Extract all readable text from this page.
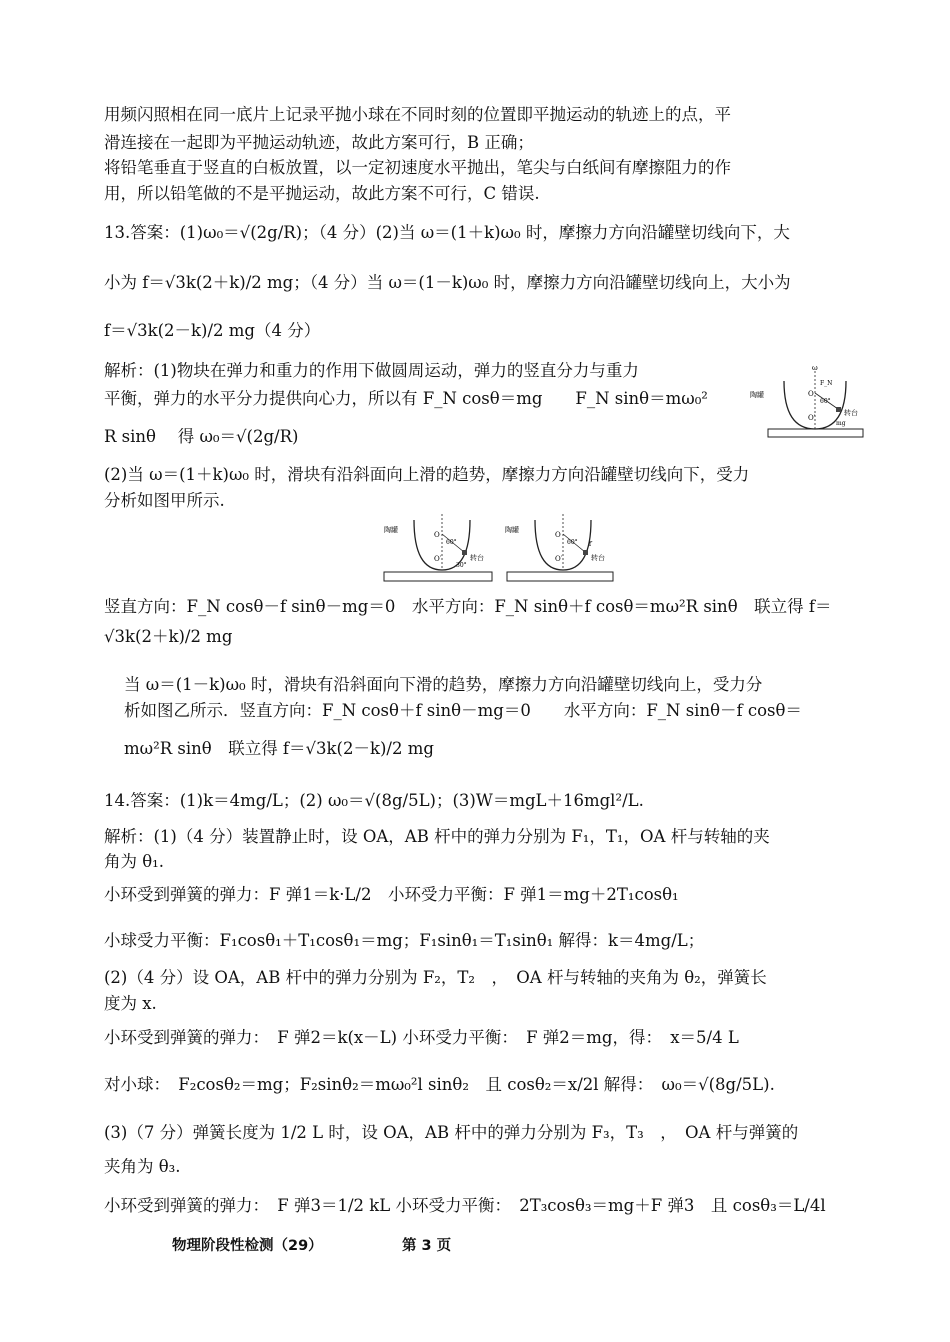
用频闪照相在同一底片上记录平抛小球在不同时刻的位置即平抛运动的轨迹上的点，平
滑连接在一起即为平抛运动轨迹，故此方案可行，B 正确；
将铅笔垂直于竖直的白板放置，以一定初速度水平抛出，笔尖与白纸间有摩擦阻力的作
用，所以铅笔做的不是平抛运动，故此方案不可行，C 错误.
13.答案：(1)ω₀＝√(2g/R)；（4 分）(2)当 ω＝(1＋k)ω₀ 时，摩擦力方向沿罐壁切线向下，大
小为 f＝√3k(2＋k)/2 mg；（4 分）当 ω＝(1－k)ω₀ 时，摩擦力方向沿罐壁切线向上，大小为
f＝√3k(2－k)/2 mg（4 分）
解析：(1)物块在弹力和重力的作用下做圆周运动，弹力的竖直分力与重力
平衡，弹力的水平分力提供向心力，所以有 F_N cosθ＝mg　　F_N sinθ＝mω₀²
R sinθ　 得 ω₀＝√(2g/R)
O
O′
60°
F_N
mg
陶罐
转台
ω
(2)当 ω＝(1＋k)ω₀ 时，滑块有沿斜面向上滑的趋势，摩擦力方向沿罐壁切线向下，受力
分析如图甲所示.
O
O′
60°
30°
陶罐
转台
O
O′
60° f′
陶罐
转台
竖直方向：F_N cosθ－f sinθ－mg＝0　水平方向：F_N sinθ＋f cosθ＝mω²R sinθ　联立得 f＝
√3k(2＋k)/2 mg
当 ω＝(1－k)ω₀ 时，滑块有沿斜面向下滑的趋势，摩擦力方向沿罐壁切线向上，受力分
析如图乙所示．竖直方向：F_N cosθ＋f sinθ－mg＝0　　水平方向：F_N sinθ－f cosθ＝
mω²R sinθ　联立得 f＝√3k(2－k)/2 mg
14.答案：(1)k＝4mg/L；(2) ω₀＝√(8g/5L)；(3)W＝mgL＋16mgl²/L.
解析：(1)（4 分）装置静止时，设 OA，AB 杆中的弹力分别为 F₁，T₁，OA 杆与转轴的夹
角为 θ₁.
小环受到弹簧的弹力：F 弹1＝k·L/2　小环受力平衡：F 弹1＝mg＋2T₁cosθ₁
小球受力平衡：F₁cosθ₁＋T₁cosθ₁＝mg；F₁sinθ₁＝T₁sinθ₁ 解得：k＝4mg/L；
(2)（4 分）设 OA，AB 杆中的弹力分别为 F₂，T₂　，　OA 杆与转轴的夹角为 θ₂，弹簧长
度为 x.
小环受到弹簧的弹力：　F 弹2＝k(x－L) 小环受力平衡：　F 弹2＝mg，得：　x＝5/4 L
对小球：　F₂cosθ₂＝mg；F₂sinθ₂＝mω₀²l sinθ₂　且 cosθ₂＝x/2l 解得：　ω₀＝√(8g/5L).
(3)（7 分）弹簧长度为 1/2 L 时，设 OA，AB 杆中的弹力分别为 F₃，T₃　，　OA 杆与弹簧的
夹角为 θ₃.
小环受到弹簧的弹力：　F 弹3＝1/2 kL 小环受力平衡：　2T₃cosθ₃＝mg＋F 弹3　且 cosθ₃＝L/4l
物理阶段性检测（29）	第 3 页
